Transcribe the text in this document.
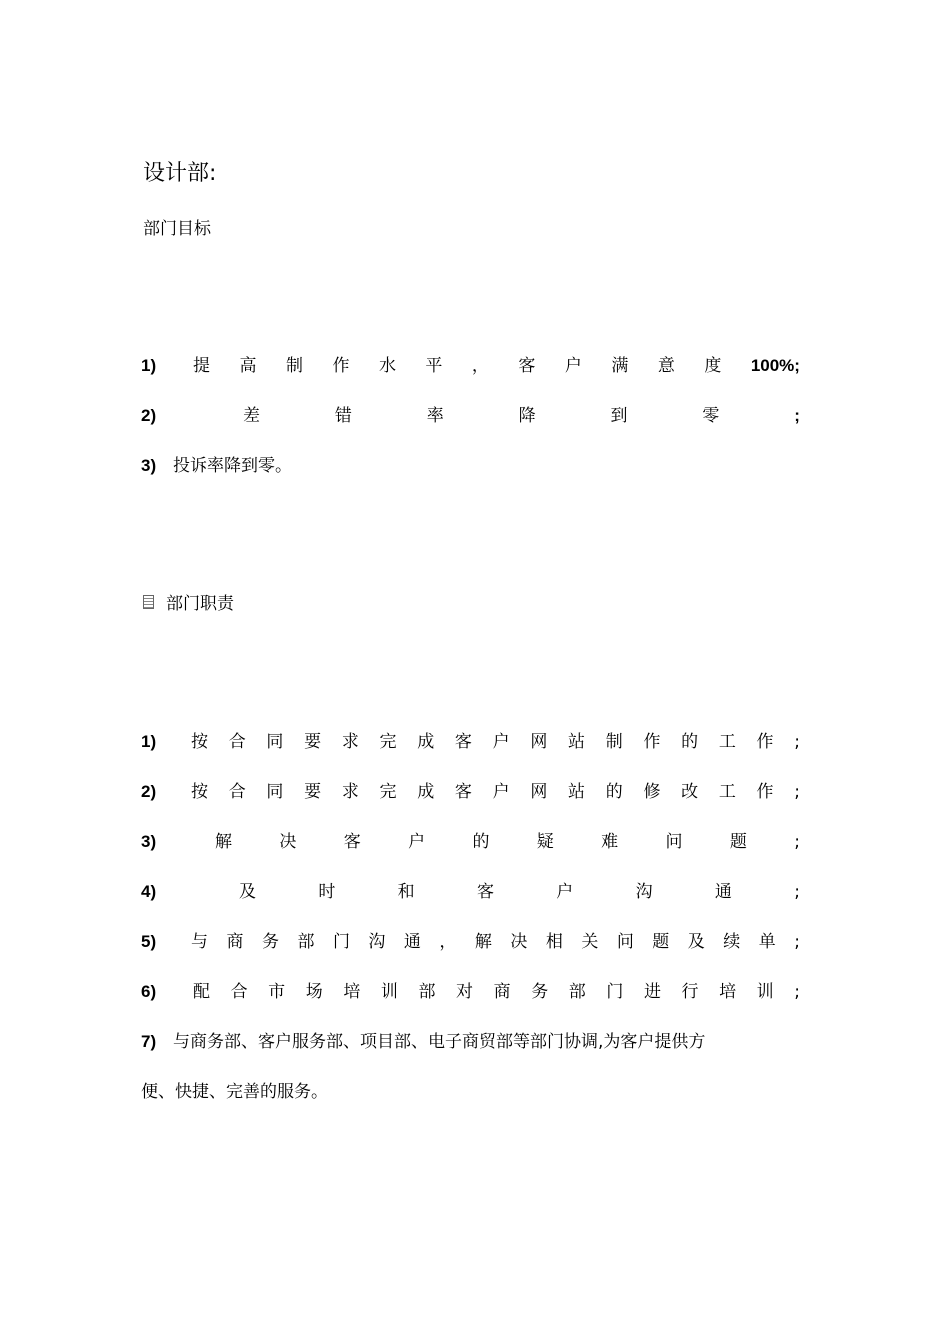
设计部:
部门目标
1)	提 高 制 作 水 平 ， 客 户 满 意 度 100%;
2)	差	错	率	降	到	零	;
3) 投诉率降到零。
部门职责
1)	按 合 同 要 求 完 成 客 户 网 站 制 作 的 工 作 ;
2)	按 合 同 要 求 完 成 客 户 网 站 的 修 改 工 作 ;
3)	解	决	客	户	的	疑	难	问	题	;
4)	及	时	和	客	户	沟	通	;
5)	与 商 务 部 门 沟 通 ， 解 决 相 关 问 题 及 续 单 ;
6)	配 合 市 场 培 训 部 对 商 务 部 门 进 行 培 训 ;
7) 与商务部、客户服务部、项目部、电子商贸部等部门协调,为客户提供方
便、快捷、完善的服务。
